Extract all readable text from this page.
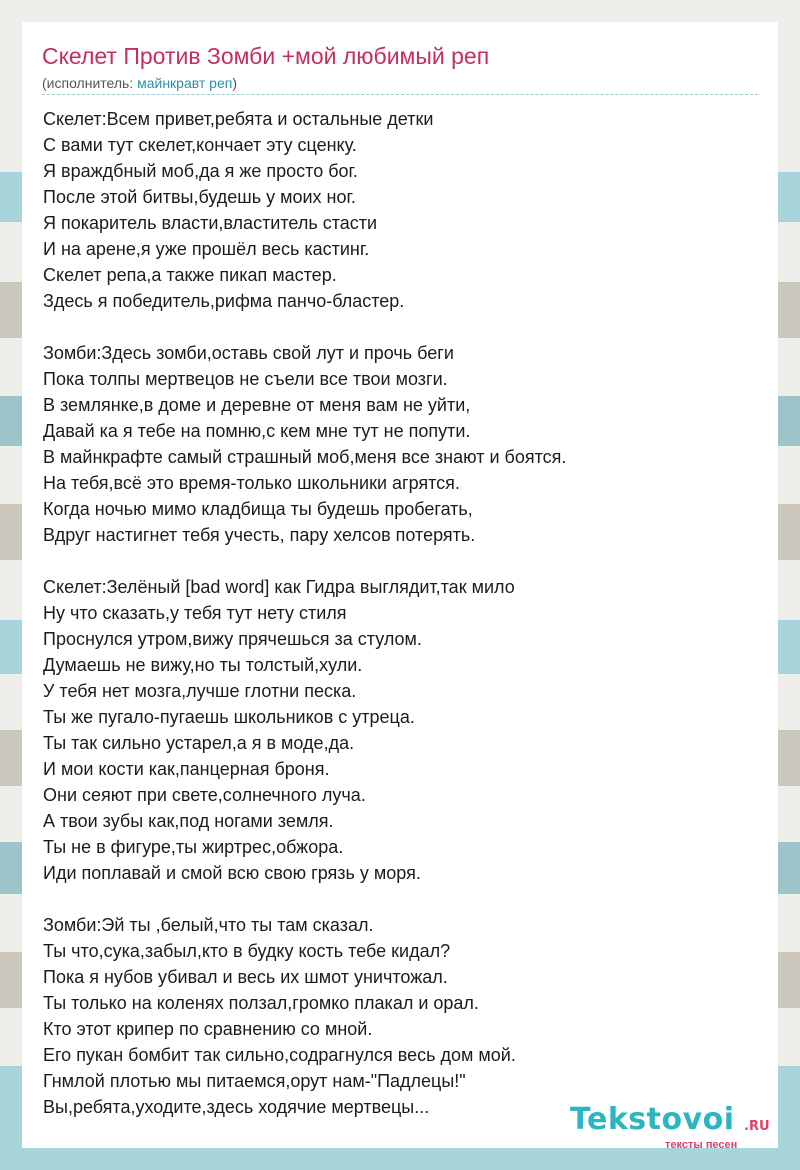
Скелет Против Зомби +мой любимый реп
(исполнитель: майнкравт реп)
Скелет:Всем привет,ребята и остальные детки
С вами тут скелет,кончает эту сценку.
Я враждбный моб,да я же просто бог.
После этой битвы,будешь у моих ног.
Я покаритель власти,властитель стасти
И на арене,я уже прошёл весь кастинг.
Скелет репа,а также пикап мастер.
Здесь я победитель,рифма панчо-бластер.
Зомби:Здесь зомби,оставь свой лут и прочь беги
Пока толпы мертвецов не съели все твои мозги.
В землянке,в доме и деревне от меня вам не уйти,
Давай ка я тебе на помню,с кем мне тут не попути.
В майнкрафте самый страшный моб,меня все знают и боятся.
На тебя,всё это время-только школьники агрятся.
Когда ночью мимо кладбища ты будешь пробегать,
Вдруг настигнет тебя учесть, пару хелсов потерять.
Скелет:Зелёный [bad word] как Гидра выглядит,так мило
Ну что сказать,у тебя тут нету стиля
Проснулся утром,вижу прячешься за стулом.
Думаешь не вижу,но ты толстый,хули.
У тебя нет мозга,лучше глотни песка.
Ты же пугало-пугаешь школьников с утреца.
Ты так сильно устарел,а я в моде,да.
И мои кости как,панцерная броня.
Они сеяют при свете,солнечного луча.
А твои зубы как,под ногами земля.
Ты не в фигуре,ты жиртрес,обжора.
Иди поплавай и смой всю свою грязь у моря.
Зомби:Эй ты ,белый,что ты там сказал.
Ты что,сука,забыл,кто в будку кость тебе кидал?
Пока я нубов убивал и весь их шмот уничтожал.
Ты только на коленях ползал,громко плакал и орал.
Кто этот крипер по сравнению со мной.
Его пукан бомбит так сильно,содрагнулся весь дом мой.
Гнмлой плотью мы питаемся,орут нам-"Падлецы!"
Вы,ребята,уходите,здесь ходячие мертвецы...	Tekstovoi .RU
тексты песен
